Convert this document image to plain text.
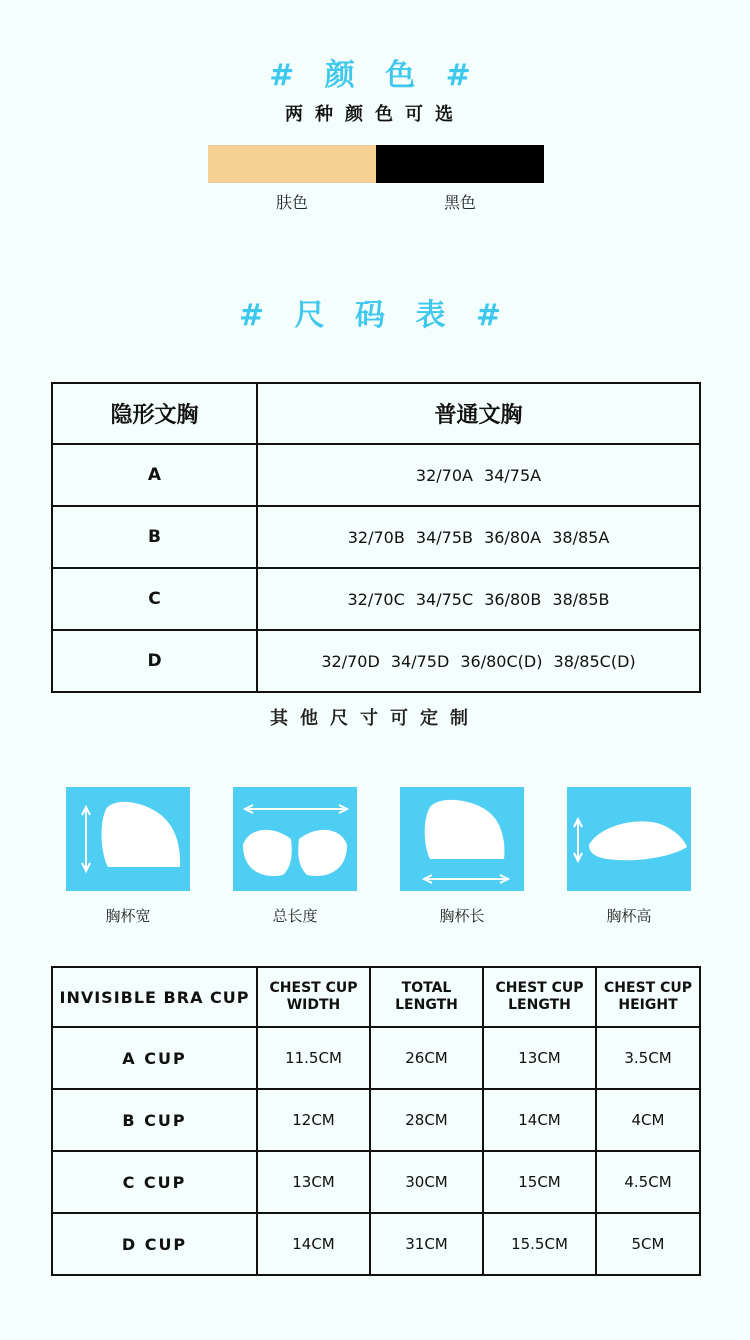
# 颜 色 #
两种颜色可选
肤色	黑色
# 尺 码 表 #
隐形文胸	普通文胸
A	32/70A 34/75A
B	32/70B 34/75B 36/80A 38/85A
C	32/70C 34/75C 36/80B 38/85B
D	32/70D 34/75D 36/80C(D) 38/85C(D)
其他尺寸可定制
胸杯宽	总长度	胸杯长	胸杯高
INVISIBLE BRA CUP	CHEST CUP WIDTH	TOTAL LENGTH	CHEST CUP LENGTH	CHEST CUP HEIGHT
A CUP	11.5CM	26CM	13CM	3.5CM
B CUP	12CM	28CM	14CM	4CM
C CUP	13CM	30CM	15CM	4.5CM
D CUP	14CM	31CM	15.5CM	5CM
